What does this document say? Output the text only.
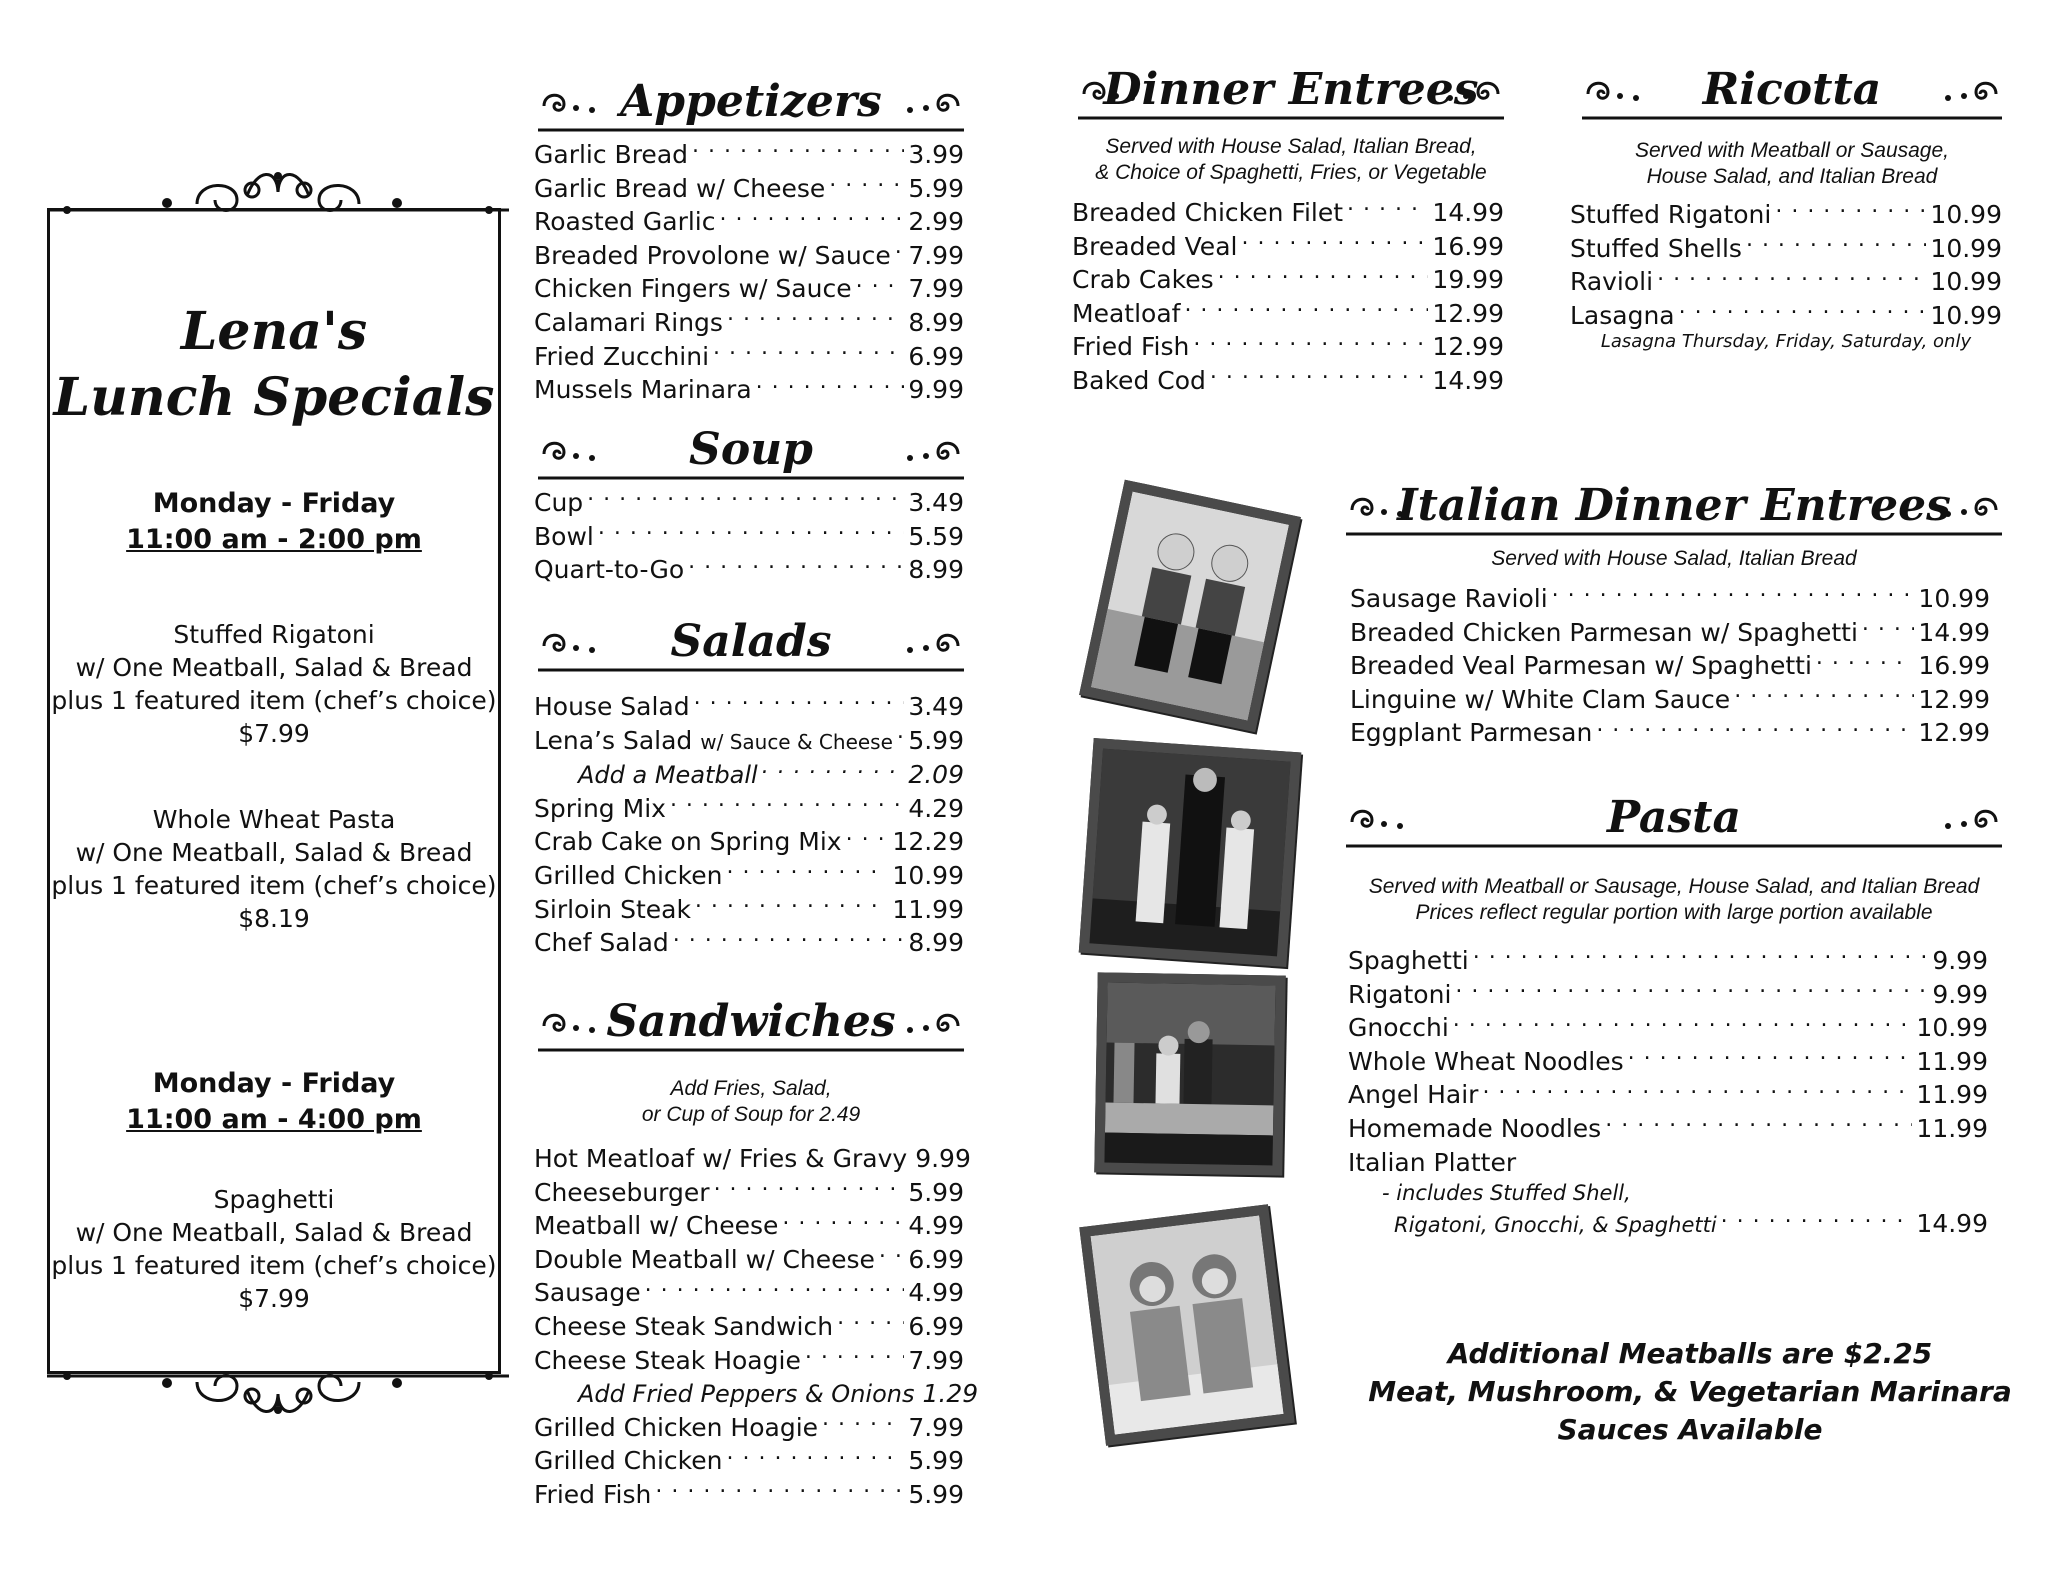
Lena's
Lunch Specials
Monday - Friday
11:00 am - 2:00 pm
Stuffed Rigatoni
w/ One Meatball, Salad & Bread
plus 1 featured item (chef’s choice)
$7.99
Whole Wheat Pasta
w/ One Meatball, Salad & Bread
plus 1 featured item (chef’s choice)
$8.19
Monday - Friday
11:00 am - 4:00 pm
Spaghetti
w/ One Meatball, Salad & Bread
plus 1 featured item (chef’s choice)
$7.99
Appetizers
Garlic Bread . . .	3.99
Garlic Bread w/ Cheese . . .	5.99
Roasted Garlic . . .	2.99
Breaded Provolone w/ Sauce . . . 7.99
Chicken Fingers w/ Sauce . . . 7.99
Calamari Rings . . .	8.99
Fried Zucchini . . .	6.99
Mussels Marinara . . .	9.99
Soup
Cup . . .	3.49
Bowl . . .	5.59
Quart-to-Go . . .	8.99
Salads
House Salad . . .	3.49
Lena’s Salad w/ Sauce & Cheese . . . 5.99
Add a Meatball . . .	2.09
Spring Mix . . .	4.29
Crab Cake on Spring Mix . . . 12.29
Grilled Chicken . . .	10.99
Sirloin Steak . . .	11.99
Chef Salad . . .	8.99
Sandwiches
Add Fries, Salad,
or Cup of Soup for 2.49
Hot Meatloaf w/ Fries & Gravy 9.99
Cheeseburger . . .	5.99
Meatball w/ Cheese . . .	4.99
Double Meatball w/ Cheese . . . 6.99
Sausage . . .	4.99
Cheese Steak Sandwich . . .	6.99
Cheese Steak Hoagie . . .	7.99
Add Fried Peppers & Onions 1.29
Grilled Chicken Hoagie . . .	7.99
Grilled Chicken . . .	5.99
Fried Fish . . .	5.99
Dinner Entrees
Served with House Salad, Italian Bread,
& Choice of Spaghetti, Fries, or Vegetable
Breaded Chicken Filet . . .	14.99
Breaded Veal . . .	16.99
Crab Cakes . . .	19.99
Meatloaf . . .	12.99
Fried Fish . . .	12.99
Baked Cod . . .	14.99
Ricotta
Served with Meatball or Sausage,
House Salad, and Italian Bread
Stuffed Rigatoni . . .	10.99
Stuffed Shells . . .	10.99
Ravioli . . .	10.99
Lasagna . . .	10.99
Lasagna Thursday, Friday, Saturday, only
Italian Dinner Entrees
Served with House Salad, Italian Bread
Sausage Ravioli . . .	10.99
Breaded Chicken Parmesan w/ Spaghetti . . . 14.99
Breaded Veal Parmesan w/ Spaghetti . . .	16.99
Linguine w/ White Clam Sauce . . .	12.99
Eggplant Parmesan . . .	12.99
Pasta
Served with Meatball or Sausage, House Salad, and Italian Bread
Prices reflect regular portion with large portion available
Spaghetti . . .	9.99
Rigatoni . . .	9.99
Gnocchi . . .	10.99
Whole Wheat Noodles . . .	11.99
Angel Hair . . .	11.99
Homemade Noodles . . .	11.99
Italian Platter
- includes Stuffed Shell,
Rigatoni, Gnocchi, & Spaghetti . . .	14.99
Additional Meatballs are $2.25
Meat, Mushroom, & Vegetarian Marinara
Sauces Available
